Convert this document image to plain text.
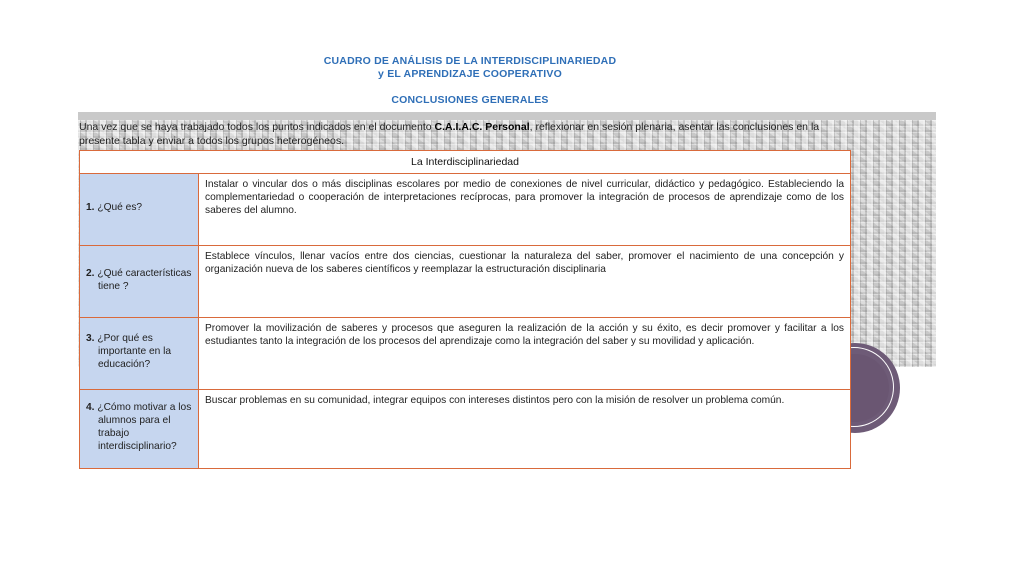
CUADRO DE ANÁLISIS DE LA INTERDISCIPLINARIEDAD
y EL APRENDIZAJE COOPERATIVO
CONCLUSIONES GENERALES
Una vez que se haya trabajado todos los puntos indicados en el documento C.A.I.A.C. Personal, reflexionar en sesión plenaria, asentar las conclusiones en la presente tabla y enviar a todos los grupos heterogéneos.
La Interdisciplinariedad	

1. ¿Qué es?	Instalar o vincular dos o más disciplinas escolares por medio de conexiones de nivel curricular, didáctico y pedagógico. Estableciendo la complementariedad o cooperación de interpretaciones recíprocas, para promover la integración de procesos de aprendizaje como de los saberes del alumno.

2. ¿Qué características tiene ?	Establece vínculos, llenar vacíos entre dos ciencias, cuestionar la naturaleza del saber, promover el nacimiento de una concepción y organización nueva de los saberes científicos y reemplazar la estructuración disciplinaria

3. ¿Por qué es importante en la educación?	Promover la movilización de saberes y procesos que aseguren la realización de la acción y su éxito, es decir promover y facilitar a los estudiantes tanto la integración de los procesos del aprendizaje como la integración del saber y su movilidad y aplicación.

4. ¿Cómo motivar a los alumnos para el trabajo interdisciplinario?	Buscar problemas en su comunidad, integrar equipos con intereses distintos pero con la misión de resolver un problema común.
